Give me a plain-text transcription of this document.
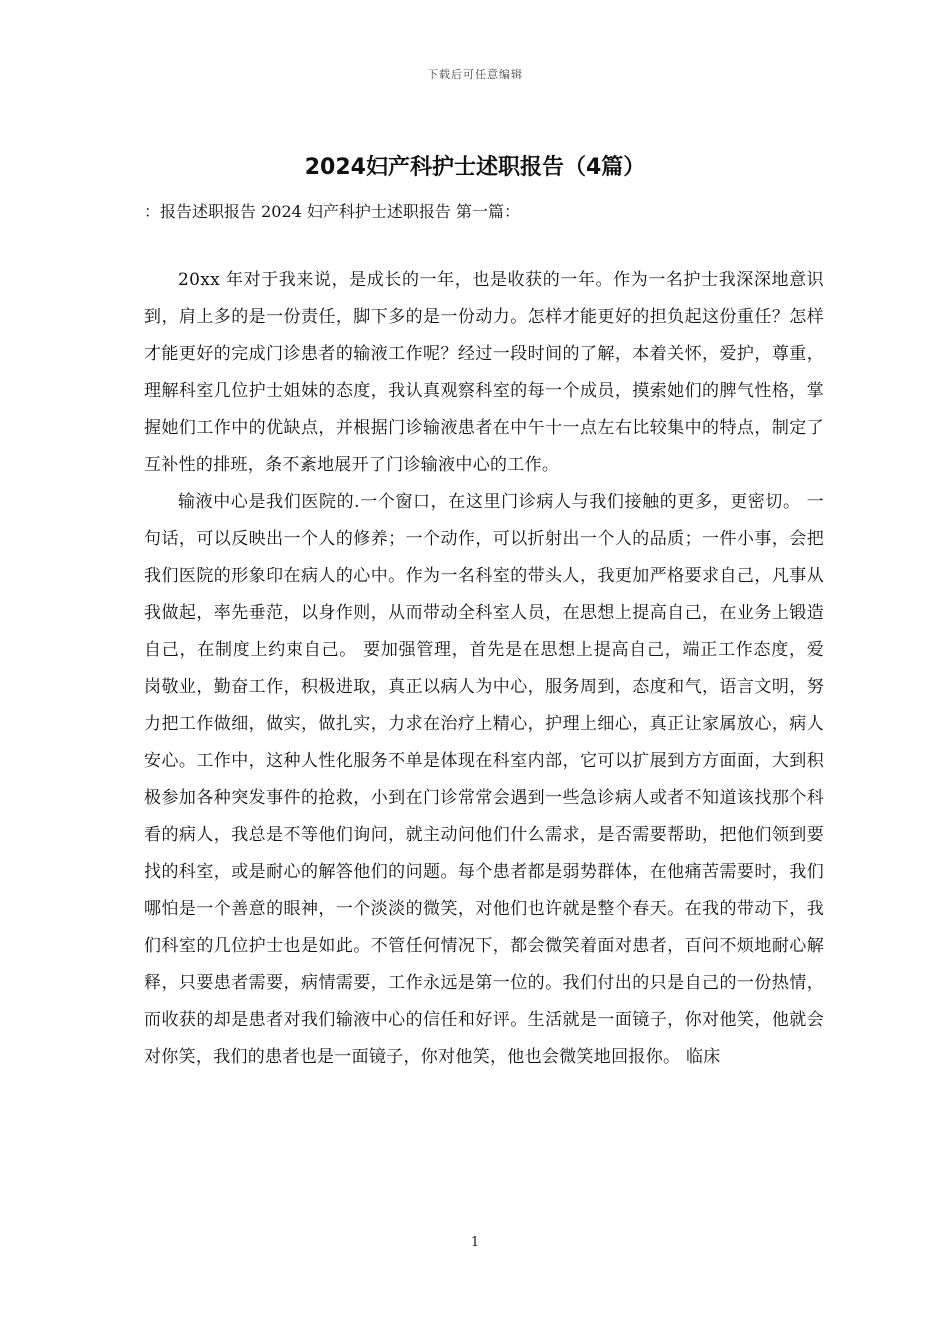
下载后可任意编辑
2024妇产科护士述职报告（4篇）
：报告述职报告 2024 妇产科护士述职报告 第一篇：

20xx 年对于我来说，是成长的一年，也是收获的一年。作为一名护士我深深地意识到，肩上多的是一份责任，脚下多的是一份动力。怎样才能更好的担负起这份重任？怎样才能更好的完成门诊患者的输液工作呢？经过一段时间的了解，本着关怀，爱护，尊重，理解科室几位护士姐妹的态度，我认真观察科室的每一个成员，摸索她们的脾气性格，掌握她们工作中的优缺点，并根据门诊输液患者在中午十一点左右比较集中的特点，制定了互补性的排班，条不紊地展开了门诊输液中心的工作。

输液中心是我们医院的.一个窗口，在这里门诊病人与我们接触的更多，更密切。 一句话，可以反映出一个人的修养；一个动作，可以折射出一个人的品质；一件小事，会把我们医院的形象印在病人的心中。作为一名科室的带头人，我更加严格要求自己，凡事从我做起，率先垂范，以身作则，从而带动全科室人员，在思想上提高自己，在业务上锻造自己，在制度上约束自己。 要加强管理，首先是在思想上提高自己，端正工作态度，爱岗敬业，勤奋工作，积极进取，真正以病人为中心，服务周到，态度和气，语言文明，努力把工作做细，做实，做扎实，力求在治疗上精心，护理上细心，真正让家属放心，病人安心。工作中，这种人性化服务不单是体现在科室内部，它可以扩展到方方面面，大到积极参加各种突发事件的抢救，小到在门诊常常会遇到一些急诊病人或者不知道该找那个科看的病人，我总是不等他们询问，就主动问他们什么需求，是否需要帮助，把他们领到要找的科室，或是耐心的解答他们的问题。每个患者都是弱势群体，在他痛苦需要时，我们哪怕是一个善意的眼神，一个淡淡的微笑，对他们也许就是整个春天。在我的带动下，我们科室的几位护士也是如此。不管任何情况下，都会微笑着面对患者，百问不烦地耐心解释，只要患者需要，病情需要，工作永远是第一位的。我们付出的只是自己的一份热情，而收获的却是患者对我们输液中心的信任和好评。生活就是一面镜子，你对他笑，他就会对你笑，我们的患者也是一面镜子，你对他笑，他也会微笑地回报你。 临床

1
